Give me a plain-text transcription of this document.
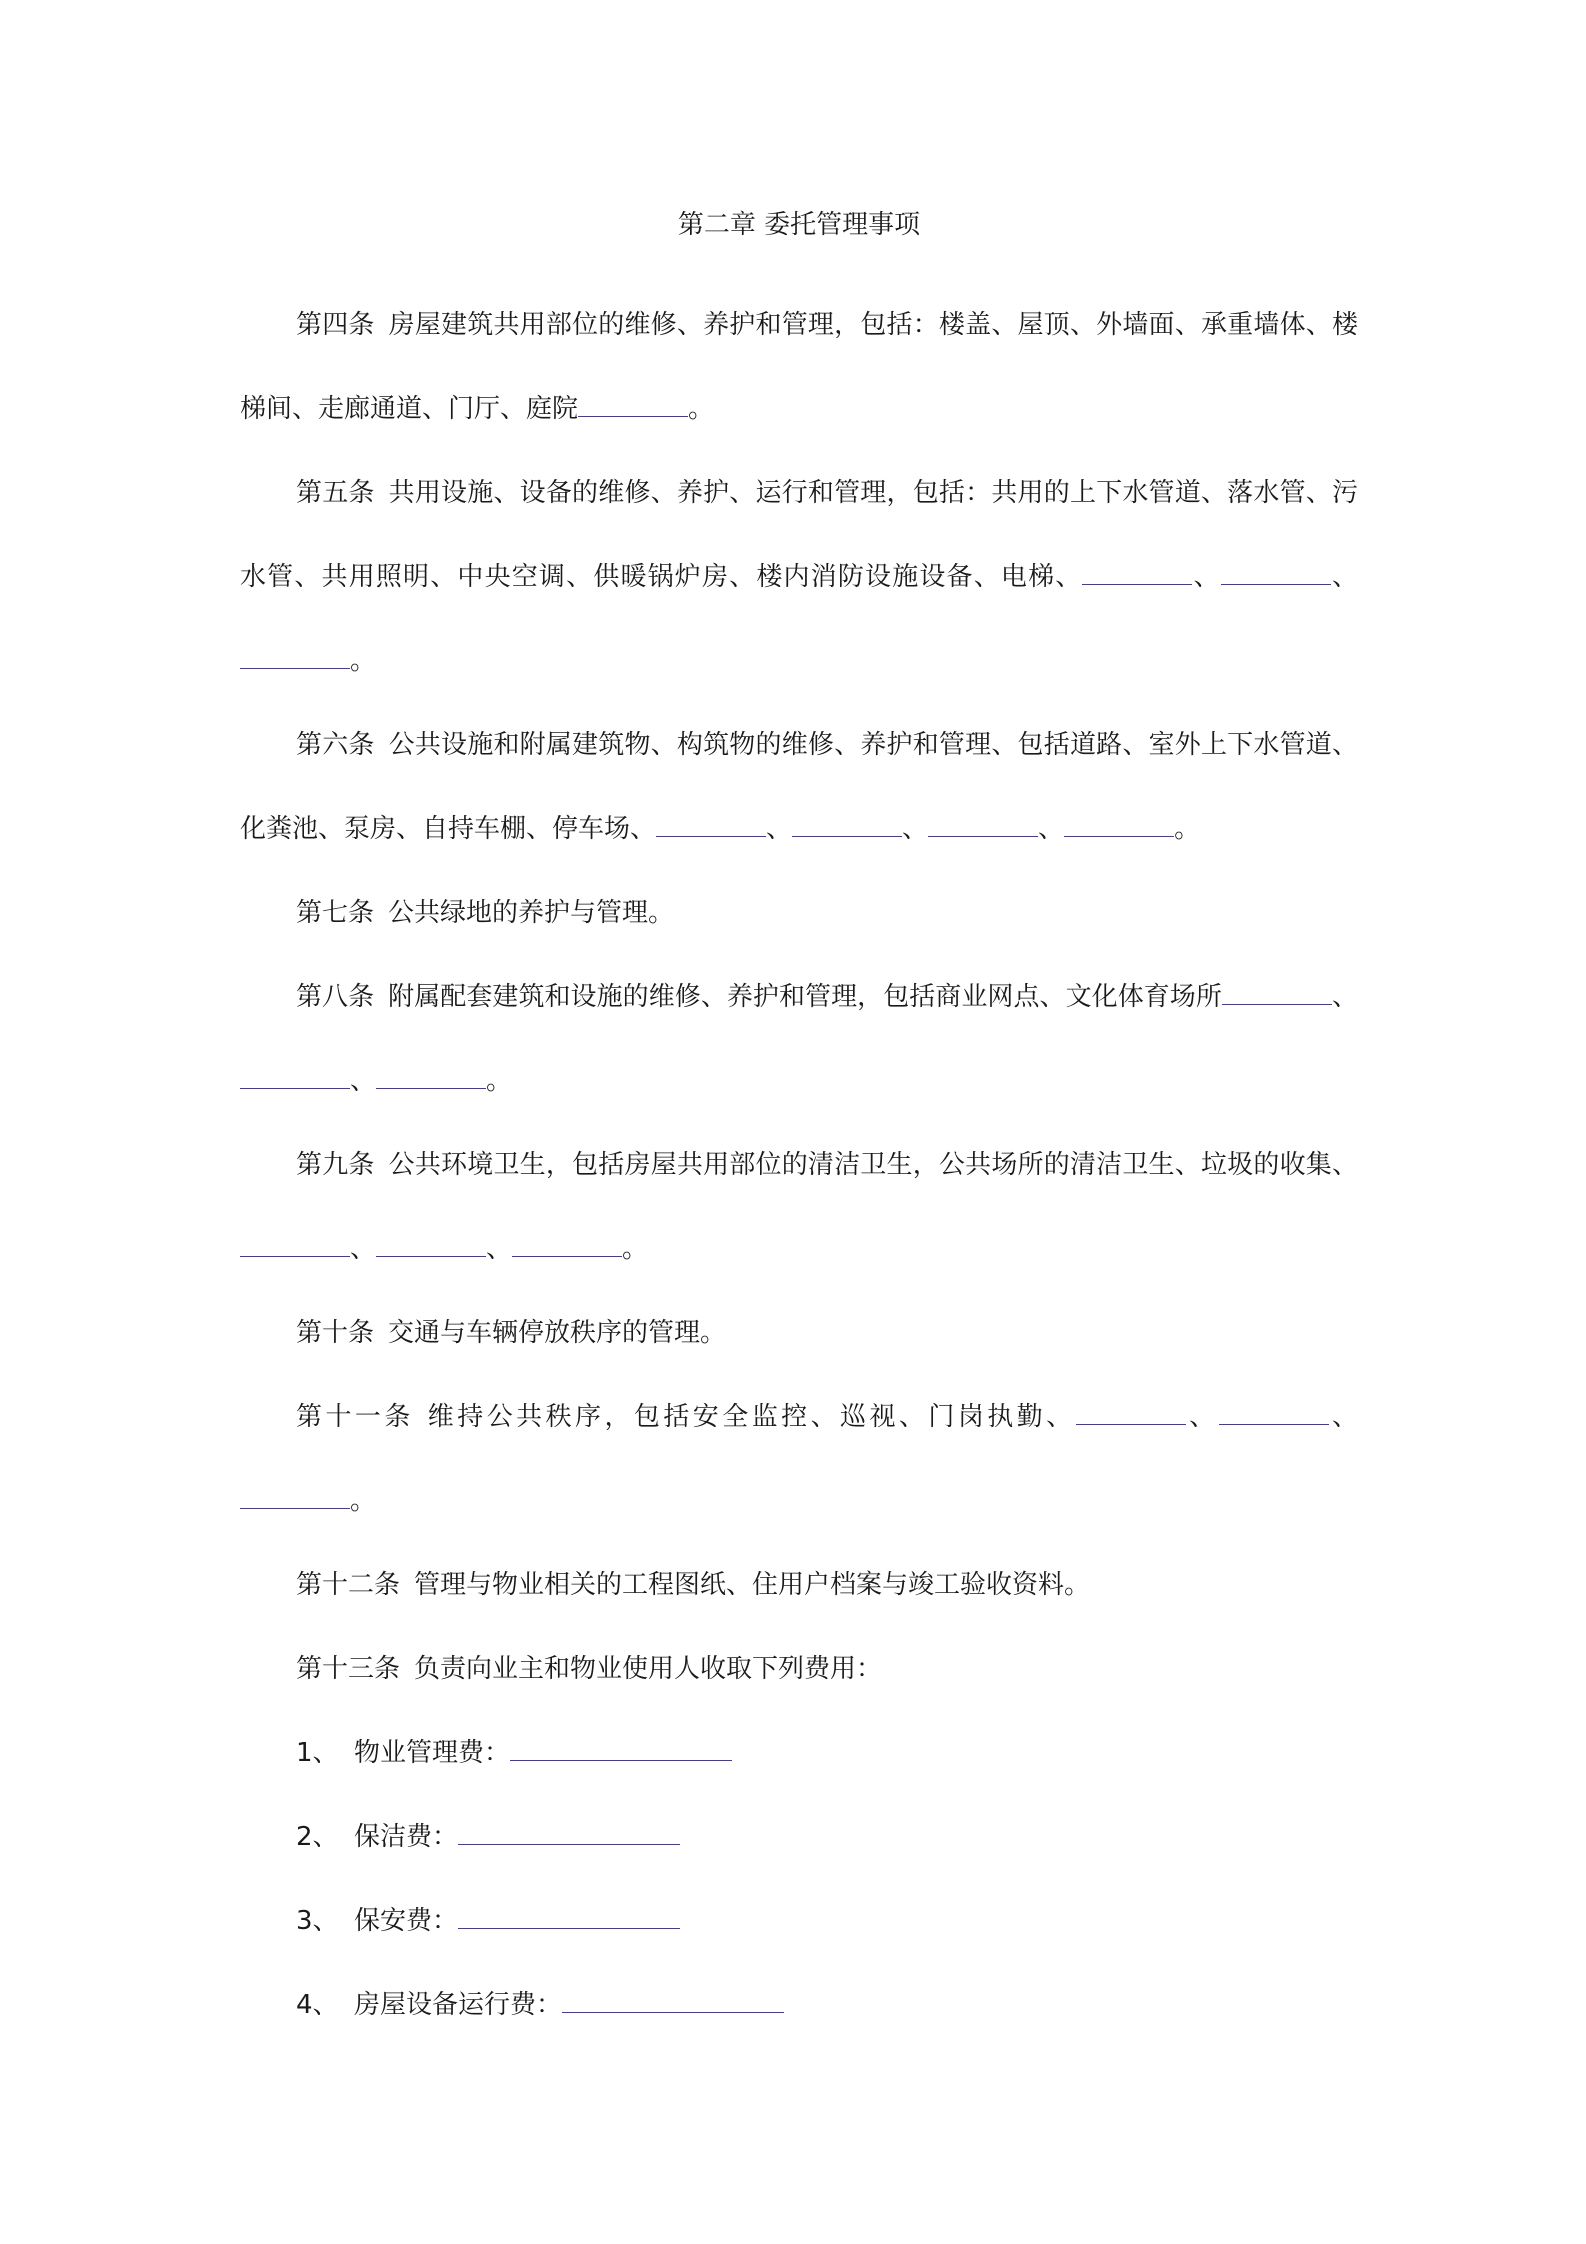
第二章 委托管理事项

第四条 房屋建筑共用部位的维修、养护和管理，包括：楼盖、屋顶、外墙面、承重墙体、楼梯间、走廊通道、门厅、庭院	。

第五条 共用设施、设备的维修、养护、运行和管理，包括：共用的上下水管道、落水管、污水管、共用照明、中央空调、供暖锅炉房、楼内消防设施设备、电梯、	、	、。

第六条 公共设施和附属建筑物、构筑物的维修、养护和管理、包括道路、室外上下水管道、化粪池、泵房、自持车棚、停车场、	、	、	、	。

第七条 公共绿地的养护与管理。

第八条 附属配套建筑和设施的维修、养护和管理，包括商业网点、文化体育场所	、、	。

第九条 公共环境卫生，包括房屋共用部位的清洁卫生，公共场所的清洁卫生、垃圾的收集、、	、	。

第十条 交通与车辆停放秩序的管理。

第十一条 维持公共秩序，包括安全监控、巡视、门岗执勤、	、	、。

第十二条 管理与物业相关的工程图纸、住用户档案与竣工验收资料。

第十三条 负责向业主和物业使用人收取下列费用：

1、 物业管理费：

2、 保洁费：

3、 保安费：

4、 房屋设备运行费：
